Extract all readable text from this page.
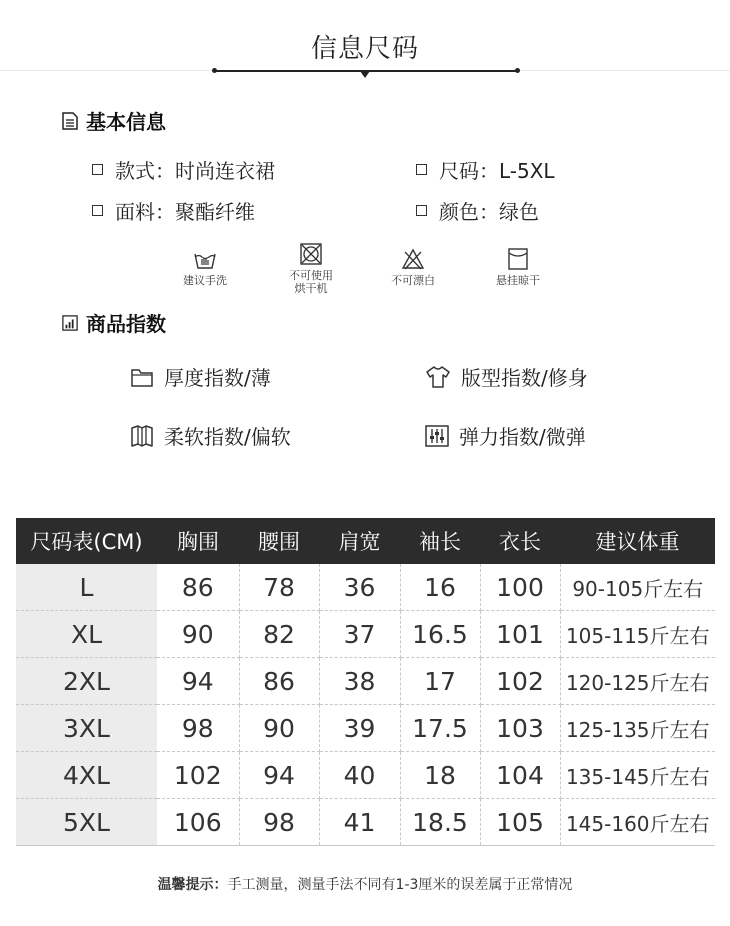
信息尺码
基本信息
款式：时尚连衣裙	尺码：L-5XL
面料：聚酯纤维	颜色：绿色
建议手洗	不可使用
烘干机
不可漂白	悬挂晾干
商品指数
厚度指数/薄	版型指数/修身
柔软指数/偏软	弹力指数/微弹
尺码表(CM)	胸围	腰围	肩宽	袖长	衣长	建议体重
L	86	78	36	16	100	90-105斤左右
XL	90	82	37	16.5	101	105-115斤左右
2XL	94	86	38	17	102	120-125斤左右
3XL	98	90	39	17.5	103	125-135斤左右
4XL	102	94	40	18	104	135-145斤左右
5XL	106	98	41	18.5	105	145-160斤左右
温馨提示：手工测量，测量手法不同有1-3厘米的误差属于正常情况
